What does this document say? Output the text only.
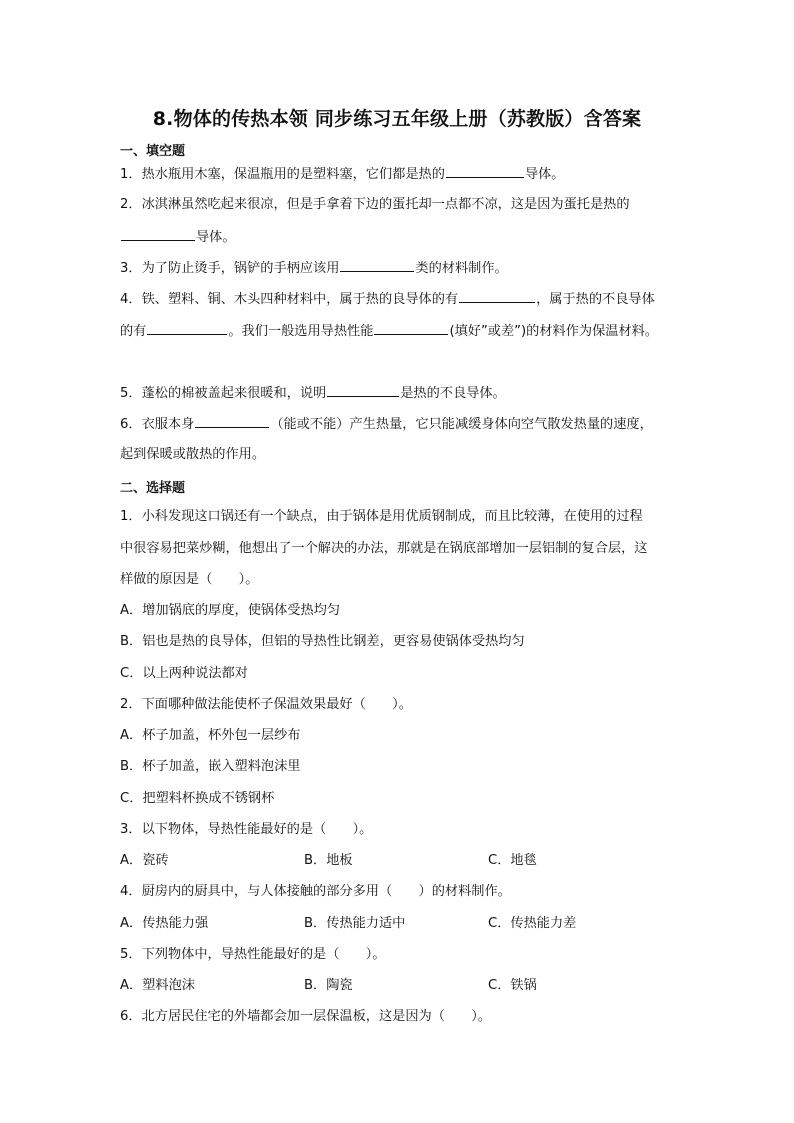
8.物体的传热本领 同步练习五年级上册（苏教版）含答案
一、填空题
1．热水瓶用木塞，保温瓶用的是塑料塞，它们都是热的	导体。
2．冰淇淋虽然吃起来很凉，但是手拿着下边的蛋托却一点都不凉，这是因为蛋托是热的
导体。
3．为了防止烫手，锅铲的手柄应该用	类的材料制作。
4．铁、塑料、铜、木头四种材料中，属于热的良导体的有	，属于热的不良导体
的有	。我们一般选用导热性能	(填好”或差”)的材料作为保温材料。
5．蓬松的棉被盖起来很暖和，说明	是热的不良导体。
6．衣服本身	（能或不能）产生热量，它只能减缓身体向空气散发热量的速度，
起到保暖或散热的作用。
二、选择题
1．小科发现这口锅还有一个缺点，由于锅体是用优质钢制成，而且比较薄，在使用的过程
中很容易把菜炒糊，他想出了一个解决的办法，那就是在锅底部增加一层铝制的复合层，这
样做的原因是（　　）。
A．增加锅底的厚度，使锅体受热均匀
B．铝也是热的良导体，但铝的导热性比钢差，更容易使锅体受热均匀
C．以上两种说法都对
2．下面哪种做法能使杯子保温效果最好（　　）。
A．杯子加盖，杯外包一层纱布
B．杯子加盖，嵌入塑料泡沫里
C．把塑料杯换成不锈钢杯
3．以下物体，导热性能最好的是（　　）。
A．瓷砖	B．地板	C．地毯
4．厨房内的厨具中，与人体接触的部分多用（　　）的材料制作。
A．传热能力强	B．传热能力适中	C．传热能力差
5．下列物体中，导热性能最好的是（　　）。
A．塑料泡沫	B．陶瓷	C．铁锅
6．北方居民住宅的外墙都会加一层保温板，这是因为（　　）。
